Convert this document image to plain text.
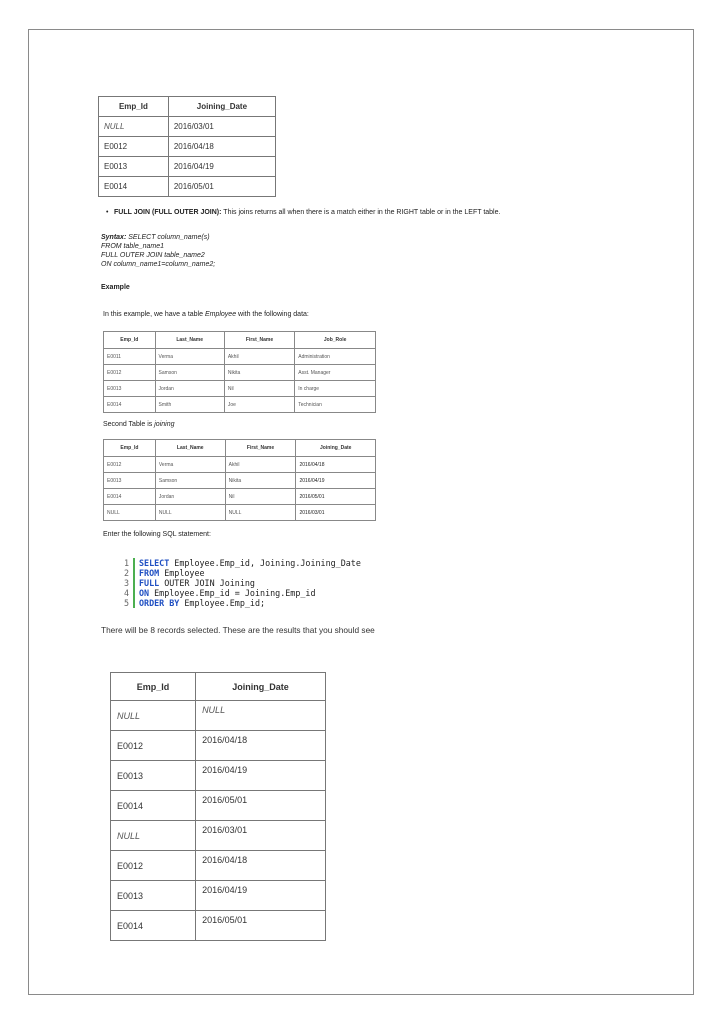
Emp_Id	Joining_Date
NULL	2016/03/01
E0012	2016/04/18
E0013	2016/04/19
E0014	2016/05/01
• FULL JOIN (FULL OUTER JOIN): This joins returns all when there is a match either in the RIGHT table or in the LEFT table.
Syntax: SELECT column_name(s)
FROM table_name1
FULL OUTER JOIN table_name2
ON column_name1=column_name2;
Example
In this example, we have a table Employee with the following data:
Emp_Id	Last_Name	First_Name	Job_Role
E0011	Verma	Akhil	Administration
E0012	Samson	Nikita	Asst. Manager
E0013	Jordan	Nil	In charge
E0014	Smith	Joe	Technician
Second Table is joining
Emp_Id	Last_Name	First_Name	Joining_Date
E0012	Verma	Akhil	2016/04/18
E0013	Samson	Nikita	2016/04/19
E0014	Jordan	Nil	2016/05/01
NULL	NULL	NULL	2016/03/01
Enter the following SQL statement:
1	SELECT Employee.Emp_id, Joining.Joining_Date
2	FROM Employee
3	FULL OUTER JOIN Joining
4	ON Employee.Emp_id = Joining.Emp_id
5	ORDER BY Employee.Emp_id;
There will be 8 records selected. These are the results that you should see
Emp_Id	Joining_Date
NULL	NULL
E0012	2016/04/18
E0013	2016/04/19
E0014	2016/05/01
NULL	2016/03/01
E0012	2016/04/18
E0013	2016/04/19
E0014	2016/05/01
